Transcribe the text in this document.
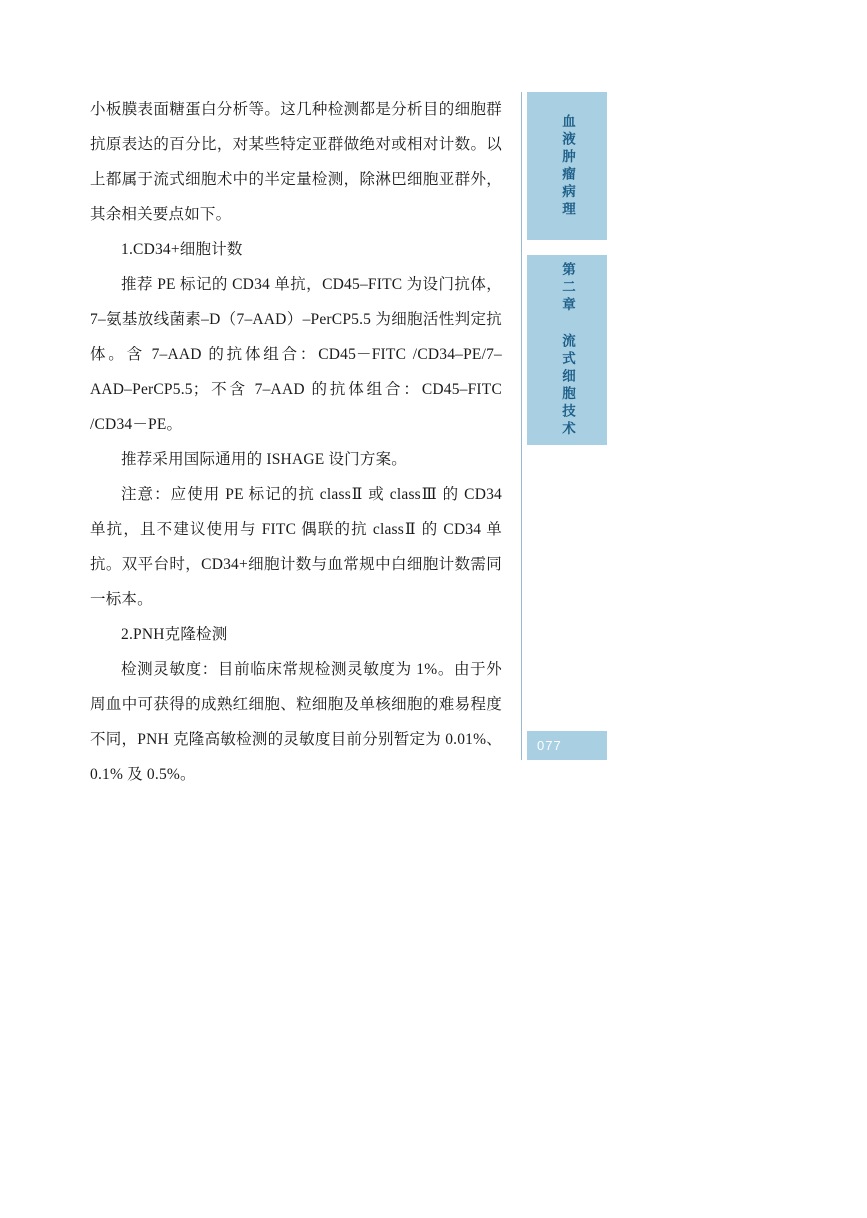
小板膜表面糖蛋白分析等。这几种检测都是分析目的细胞群抗原表达的百分比，对某些特定亚群做绝对或相对计数。以上都属于流式细胞术中的半定量检测，除淋巴细胞亚群外，其余相关要点如下。

1.CD34+细胞计数

推荐 PE 标记的 CD34 单抗，CD45–FITC 为设门抗体，7–氨基放线菌素–D（7–AAD）–PerCP5.5 为细胞活性判定抗体。含 7–AAD 的抗体组合：CD45－FITC /CD34–PE/7–AAD–PerCP5.5；不含 7–AAD 的抗体组合：CD45–FITC /CD34－PE。

推荐采用国际通用的 ISHAGE 设门方案。

注意：应使用 PE 标记的抗 classⅡ 或 classⅢ 的 CD34 单抗，且不建议使用与 FITC 偶联的抗 classⅡ 的 CD34 单抗。双平台时，CD34+细胞计数与血常规中白细胞计数需同一标本。

2.PNH克隆检测

检测灵敏度：目前临床常规检测灵敏度为 1%。由于外周血中可获得的成熟红细胞、粒细胞及单核细胞的难易程度不同，PNH 克隆高敏检测的灵敏度目前分别暂定为 0.01%、0.1% 及 0.5%。

血液肿瘤病理
第二章 流式细胞技术
077
